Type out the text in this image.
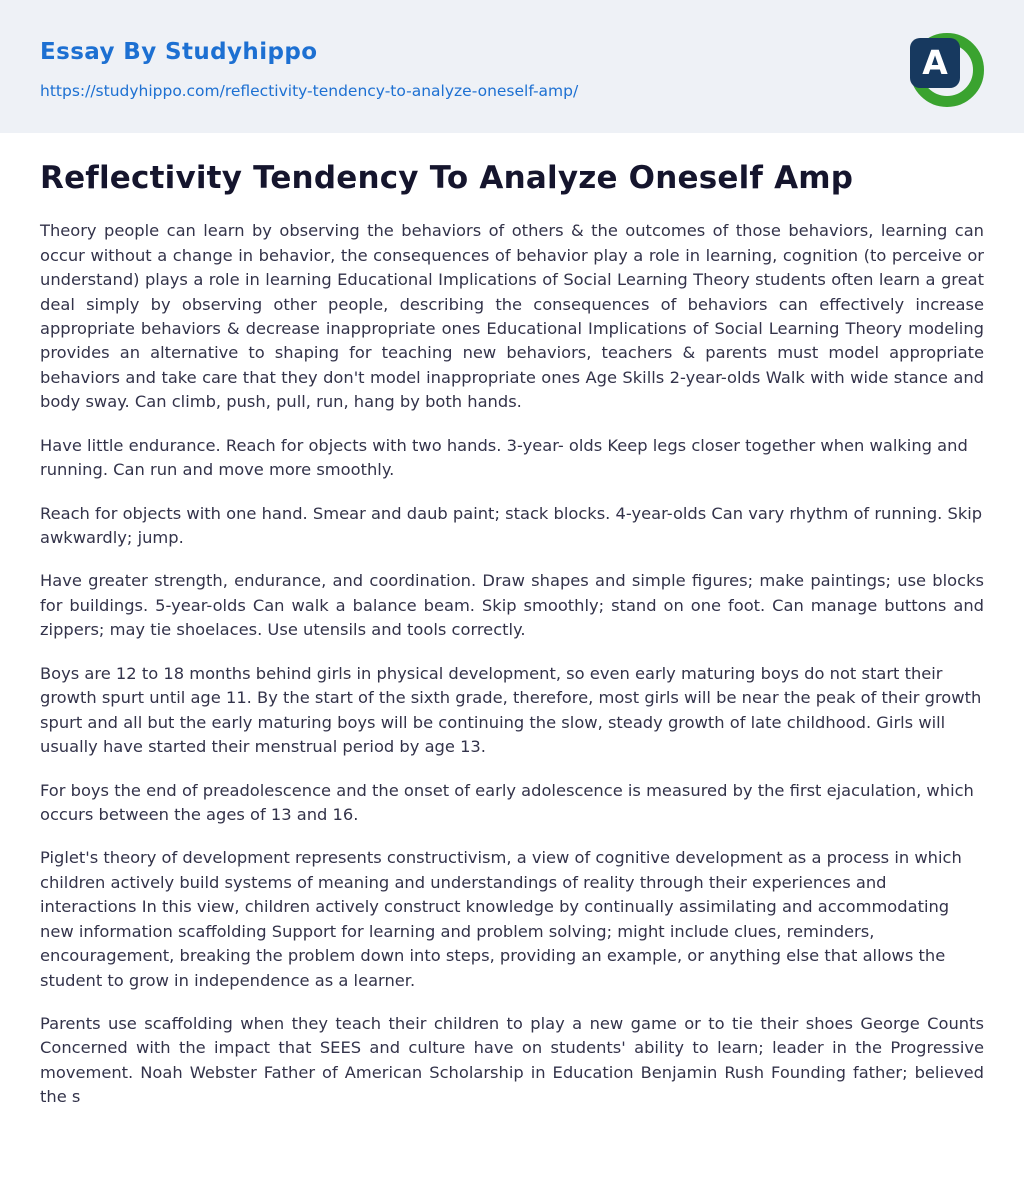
Essay By Studyhippo
https://studyhippo.com/reflectivity-tendency-to-analyze-oneself-amp/
A
Reflectivity Tendency To Analyze Oneself Amp

Theory people can learn by observing the behaviors of others & the outcomes of those behaviors, learning can occur without a change in behavior, the consequences of behavior play a role in learning, cognition (to perceive or understand) plays a role in learning Educational Implications of Social Learning Theory students often learn a great deal simply by observing other people, describing the consequences of behaviors can effectively increase appropriate behaviors & decrease inappropriate ones Educational Implications of Social Learning Theory modeling provides an alternative to shaping for teaching new behaviors, teachers & parents must model appropriate behaviors and take care that they don't model inappropriate ones Age Skills 2-year-olds Walk with wide stance and body sway. Can climb, push, pull, run, hang by both hands.

Have little endurance. Reach for objects with two hands. 3-year- olds Keep legs closer together when walking and running. Can run and move more smoothly.

Reach for objects with one hand. Smear and daub paint; stack blocks. 4-year-olds Can vary rhythm of running. Skip awkwardly; jump.

Have greater strength, endurance, and coordination. Draw shapes and simple figures; make paintings; use blocks for buildings. 5-year-olds Can walk a balance beam. Skip smoothly; stand on one foot. Can manage buttons and zippers; may tie shoelaces. Use utensils and tools correctly.

Boys are 12 to 18 months behind girls in physical development, so even early maturing boys do not start their growth spurt until age 11. By the start of the sixth grade, therefore, most girls will be near the peak of their growth spurt and all but the early maturing boys will be continuing the slow, steady growth of late childhood. Girls will usually have started their menstrual period by age 13.

For boys the end of preadolescence and the onset of early adolescence is measured by the first ejaculation, which occurs between the ages of 13 and 16.

Piglet's theory of development represents constructivism, a view of cognitive development as a process in which children actively build systems of meaning and understandings of reality through their experiences and interactions In this view, children actively construct knowledge by continually assimilating and accommodating new information scaffolding Support for learning and problem solving; might include clues, reminders, encouragement, breaking the problem down into steps, providing an example, or anything else that allows the student to grow in independence as a learner.

Parents use scaffolding when they teach their children to play a new game or to tie their shoes George Counts Concerned with the impact that SEES and culture have on students' ability to learn; leader in the Progressive movement. Noah Webster Father of American Scholarship in Education Benjamin Rush Founding father; believed the s
